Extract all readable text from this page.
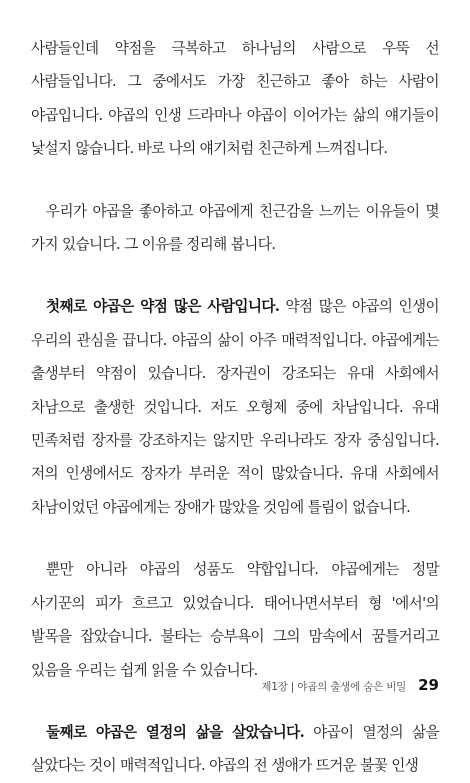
사람들인데 약점을 극복하고 하나님의 사람으로 우뚝 선 사람들입니다. 그 중에서도 가장 친근하고 좋아 하는 사람이 야곱입니다. 야곱의 인생 드라마나 야곱이 이어가는 삶의 얘기들이 낯설지 않습니다. 바로 나의 얘기처럼 친근하게 느껴집니다.

우리가 야곱을 좋아하고 야곱에게 친근감을 느끼는 이유들이 몇 가지 있습니다. 그 이유를 정리해 봅니다.

첫째로 야곱은 약점 많은 사람입니다. 약점 많은 야곱의 인생이 우리의 관심을 끕니다. 야곱의 삶이 아주 매력적입니다. 야곱에게는 출생부터 약점이 있습니다. 장자권이 강조되는 유대 사회에서 차남으로 출생한 것입니다. 저도 오형제 중에 차남입니다. 유대 민족처럼 장자를 강조하지는 않지만 우리나라도 장자 중심입니다. 저의 인생에서도 장자가 부러운 적이 많았습니다. 유대 사회에서 차남이었던 야곱에게는 장애가 많았을 것임에 틀림이 없습니다.

뿐만 아니라 야곱의 성품도 약합입니다. 야곱에게는 정말 사기꾼의 피가 흐르고 있었습니다. 태어나면서부터 형 '에서'의 발목을 잡았습니다. 불타는 승부욕이 그의 맘속에서 꿈틀거리고 있음을 우리는 쉽게 읽을 수 있습니다.

둘째로 야곱은 열정의 삶을 살았습니다. 야곱이 열정의 삶을 살았다는 것이 매력적입니다. 야곱의 전 생애가 뜨거운 불꽃 인생

제1장 | 야곱의 출생에 숨은 비밀 29
